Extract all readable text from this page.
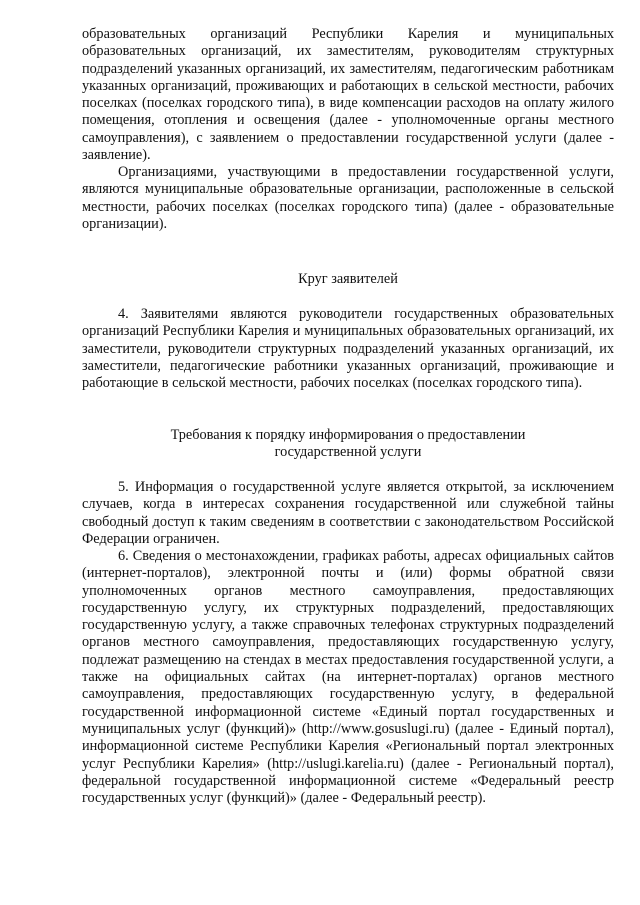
образовательных организаций Республики Карелия и муниципальных образовательных организаций, их заместителям, руководителям структурных подразделений указанных организаций, их заместителям, педагогическим работникам указанных организаций, проживающих и работающих в сельской местности, рабочих поселках (поселках городского типа), в виде компенсации расходов на оплату жилого помещения, отопления и освещения (далее - уполномоченные органы местного самоуправления), с заявлением о предоставлении государственной услуги (далее - заявление).

Организациями, участвующими в предоставлении государственной услуги, являются муниципальные образовательные организации, расположенные в сельской местности, рабочих поселках (поселках городского типа) (далее - образовательные организации).

Круг заявителей

4. Заявителями являются руководители государственных образовательных организаций Республики Карелия и муниципальных образовательных организаций, их заместители, руководители структурных подразделений указанных организаций, их заместители, педагогические работники указанных организаций, проживающие и работающие в сельской местности, рабочих поселках (поселках городского типа).

Требования к порядку информирования о предоставлении
государственной услуги

5. Информация о государственной услуге является открытой, за исключением случаев, когда в интересах сохранения государственной или служебной тайны свободный доступ к таким сведениям в соответствии с законодательством Российской Федерации ограничен.

6. Сведения о местонахождении, графиках работы, адресах официальных сайтов (интернет-порталов), электронной почты и (или) формы обратной связи уполномоченных органов местного самоуправления, предоставляющих государственную услугу, их структурных подразделений, предоставляющих государственную услугу, а также справочных телефонах структурных подразделений органов местного самоуправления, предоставляющих государственную услугу, подлежат размещению на стендах в местах предоставления государственной услуги, а также на официальных сайтах (на интернет-порталах) органов местного самоуправления, предоставляющих государственную услугу, в федеральной государственной информационной системе «Единый портал государственных и муниципальных услуг (функций)» (http://www.gosuslugi.ru) (далее - Единый портал), информационной системе Республики Карелия «Региональный портал электронных услуг Республики Карелия» (http://uslugi.karelia.ru) (далее - Региональный портал), федеральной государственной информационной системе «Федеральный реестр государственных услуг (функций)» (далее - Федеральный реестр).
